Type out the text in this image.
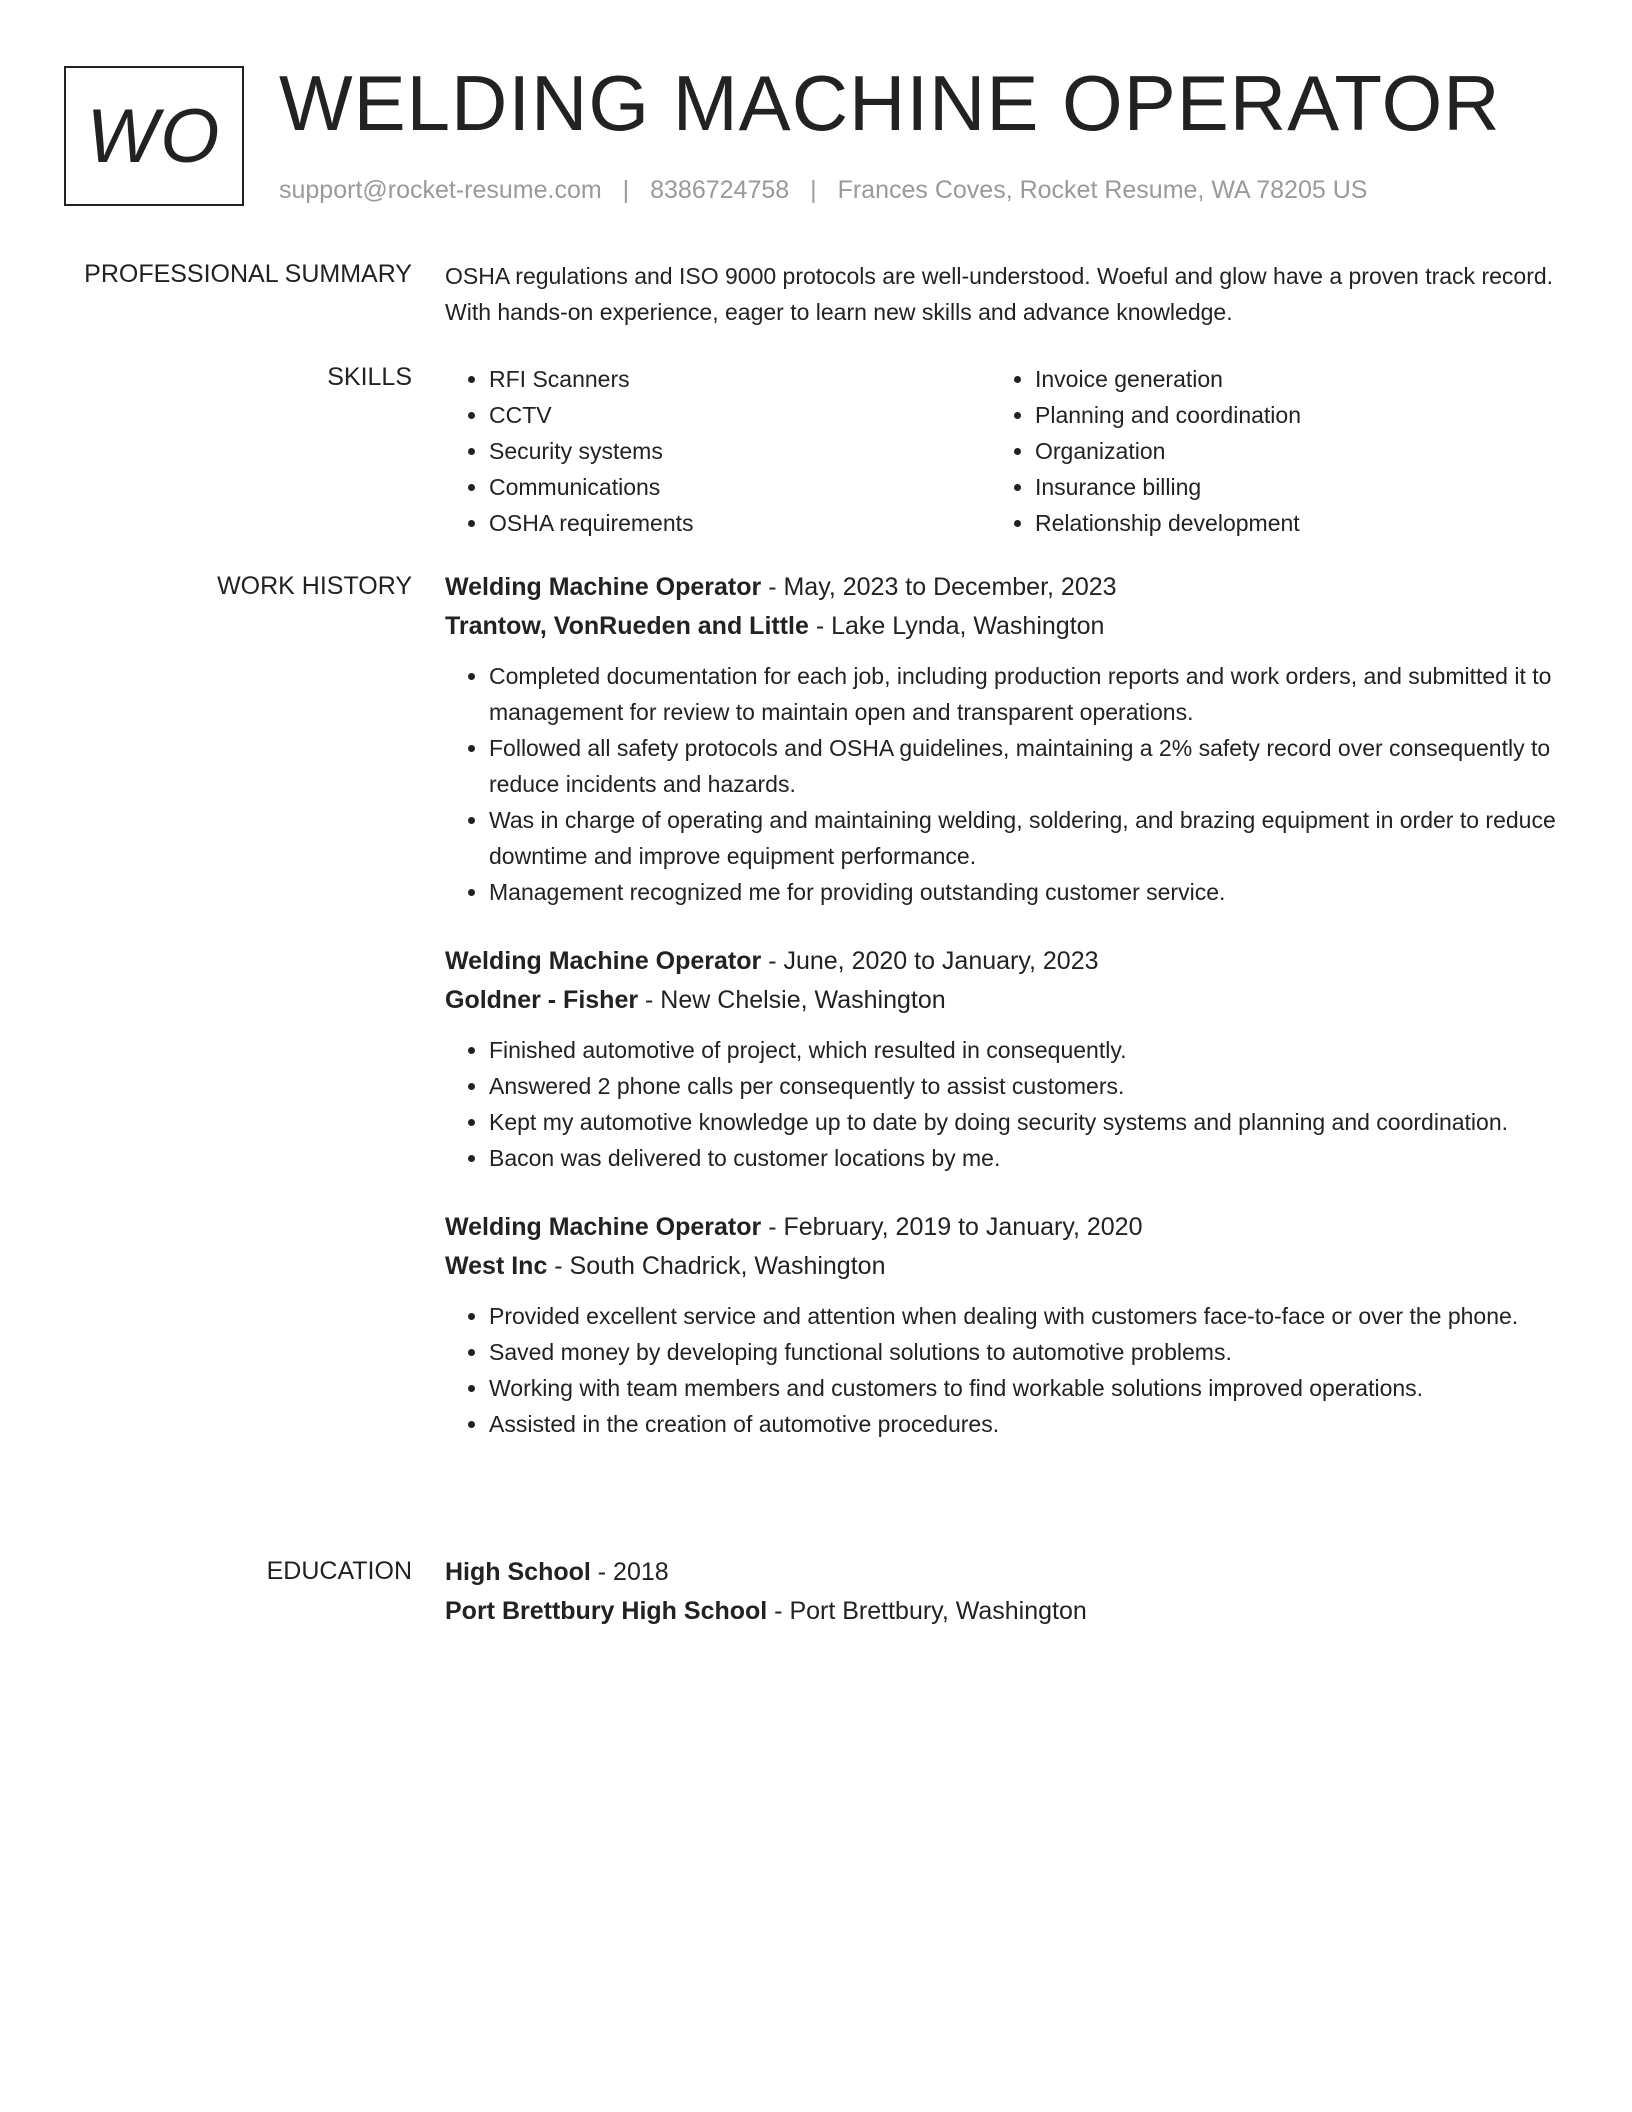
WO WELDING MACHINE OPERATOR
support@rocket-resume.com | 8386724758 | Frances Coves, Rocket Resume, WA 78205 US
PROFESSIONAL SUMMARY OSHA regulations and ISO 9000 protocols are well-understood. Woeful and glow have a proven track record. With hands-on experience, eager to learn new skills and advance knowledge.

SKILLS
•	RFI Scanners
• CCTV
• Security systems
• Communications
• OSHA requirements
• Invoice generation
• Planning and coordination
• Organization
• Insurance billing
• Relationship development
WORK HISTORY Welding Machine Operator - May, 2023 to December, 2023
Trantow, VonRueden and Little - Lake Lynda, Washington
• Completed documentation for each job, including production reports and work orders, and submitted it to management for review to maintain open and transparent operations.
• Followed all safety protocols and OSHA guidelines, maintaining a 2% safety record over consequently to reduce incidents and hazards.
• Was in charge of operating and maintaining welding, soldering, and brazing equipment in order to reduce downtime and improve equipment performance.
• Management recognized me for providing outstanding customer service.
Welding Machine Operator - June, 2020 to January, 2023
Goldner - Fisher - New Chelsie, Washington
• Finished automotive of project, which resulted in consequently.
• Answered 2 phone calls per consequently to assist customers.
• Kept my automotive knowledge up to date by doing security systems and planning and coordination.
• Bacon was delivered to customer locations by me.
Welding Machine Operator - February, 2019 to January, 2020
West Inc - South Chadrick, Washington
• Provided excellent service and attention when dealing with customers face-to-face or over the phone.
• Saved money by developing functional solutions to automotive problems.
• Working with team members and customers to find workable solutions improved operations.
• Assisted in the creation of automotive procedures.
EDUCATION High School - 2018
Port Brettbury High School - Port Brettbury, Washington
